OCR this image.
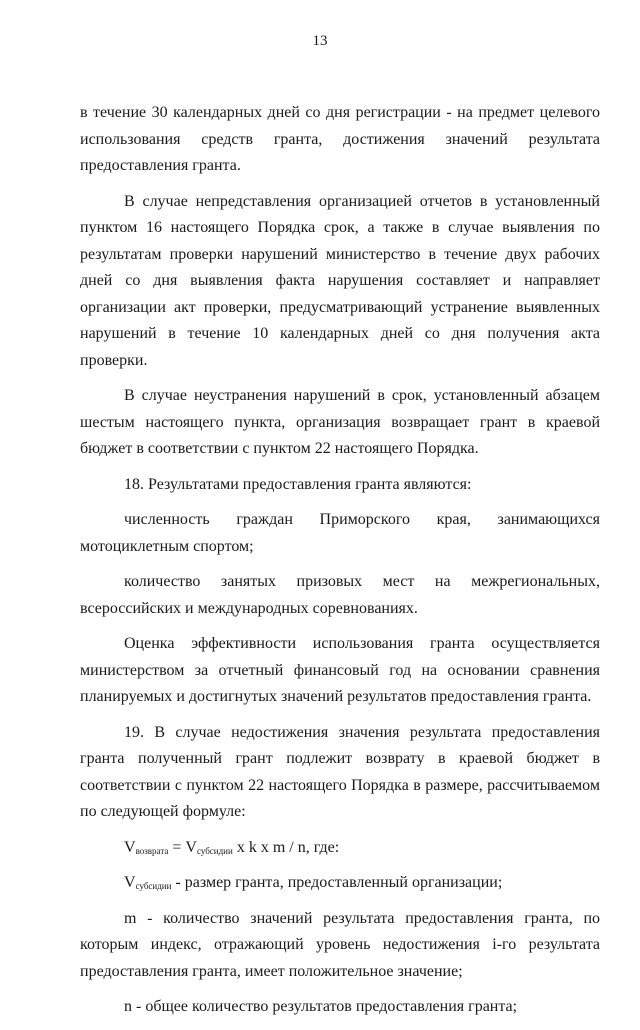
13

в течение 30 календарных дней со дня регистрации - на предмет целевого использования средств гранта, достижения значений результата предоставления гранта.

В случае непредставления организацией отчетов в установленный пунктом 16 настоящего Порядка срок, а также в случае выявления по результатам проверки нарушений министерство в течение двух рабочих дней со дня выявления факта нарушения составляет и направляет организации акт проверки, предусматривающий устранение выявленных нарушений в течение 10 календарных дней со дня получения акта проверки.

В случае неустранения нарушений в срок, установленный абзацем шестым настоящего пункта, организация возвращает грант в краевой бюджет в соответствии с пунктом 22 настоящего Порядка.

18. Результатами предоставления гранта являются:

численность граждан Приморского края, занимающихся мотоциклетным спортом;

количество занятых призовых мест на межрегиональных, всероссийских и международных соревнованиях.

Оценка эффективности использования гранта осуществляется министерством за отчетный финансовый год на основании сравнения планируемых и достигнутых значений результатов предоставления гранта.

19. В случае недостижения значения результата предоставления гранта полученный грант подлежит возврату в краевой бюджет в соответствии с пунктом 22 настоящего Порядка в размере, рассчитываемом по следующей формуле:

$V_{возврата} = V_{субсидии}$ x k x m / n, где:

$V_{субсидии}$ - размер гранта, предоставленный организации;

m - количество значений результата предоставления гранта, по которым индекс, отражающий уровень недостижения i-го результата предоставления гранта, имеет положительное значение;

n - общее количество результатов предоставления гранта;
